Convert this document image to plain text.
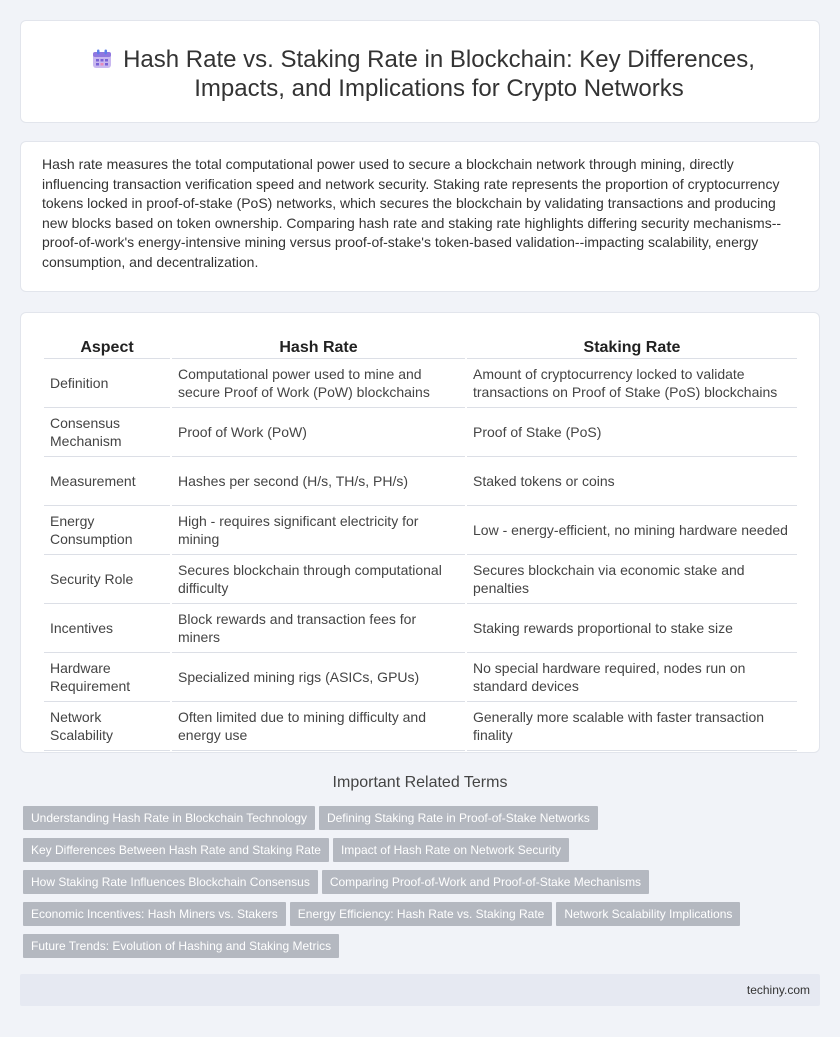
Hash Rate vs. Staking Rate in Blockchain: Key Differences, Impacts, and Implications for Crypto Networks

Hash rate measures the total computational power used to secure a blockchain network through mining, directly influencing transaction verification speed and network security. Staking rate represents the proportion of cryptocurrency tokens locked in proof-of-stake (PoS) networks, which secures the blockchain by validating transactions and producing new blocks based on token ownership. Comparing hash rate and staking rate highlights differing security mechanisms--proof-of-work's energy-intensive mining versus proof-of-stake's token-based validation--impacting scalability, energy consumption, and decentralization.

Aspect	Hash Rate	Staking Rate
Definition	Computational power used to mine and secure Proof of Work (PoW) blockchains	Amount of cryptocurrency locked to validate transactions on Proof of Stake (PoS) blockchains
Consensus Mechanism	Proof of Work (PoW)	Proof of Stake (PoS)
Measurement	Hashes per second (H/s, TH/s, PH/s)	Staked tokens or coins
Energy Consumption	High - requires significant electricity for mining	Low - energy-efficient, no mining hardware needed
Security Role	Secures blockchain through computational difficulty	Secures blockchain via economic stake and penalties
Incentives	Block rewards and transaction fees for miners	Staking rewards proportional to stake size
Hardware Requirement	Specialized mining rigs (ASICs, GPUs)	No special hardware required, nodes run on standard devices
Network Scalability	Often limited due to mining difficulty and energy use	Generally more scalable with faster transaction finality
Important Related Terms
Understanding Hash Rate in Blockchain Technology Defining Staking Rate in Proof-of-Stake Networks
Key Differences Between Hash Rate and Staking Rate Impact of Hash Rate on Network Security
How Staking Rate Influences Blockchain Consensus Comparing Proof-of-Work and Proof-of-Stake Mechanisms
Economic Incentives: Hash Miners vs. Stakers Energy Efficiency: Hash Rate vs. Staking Rate Network Scalability Implications
Future Trends: Evolution of Hashing and Staking Metrics
techiny.com
